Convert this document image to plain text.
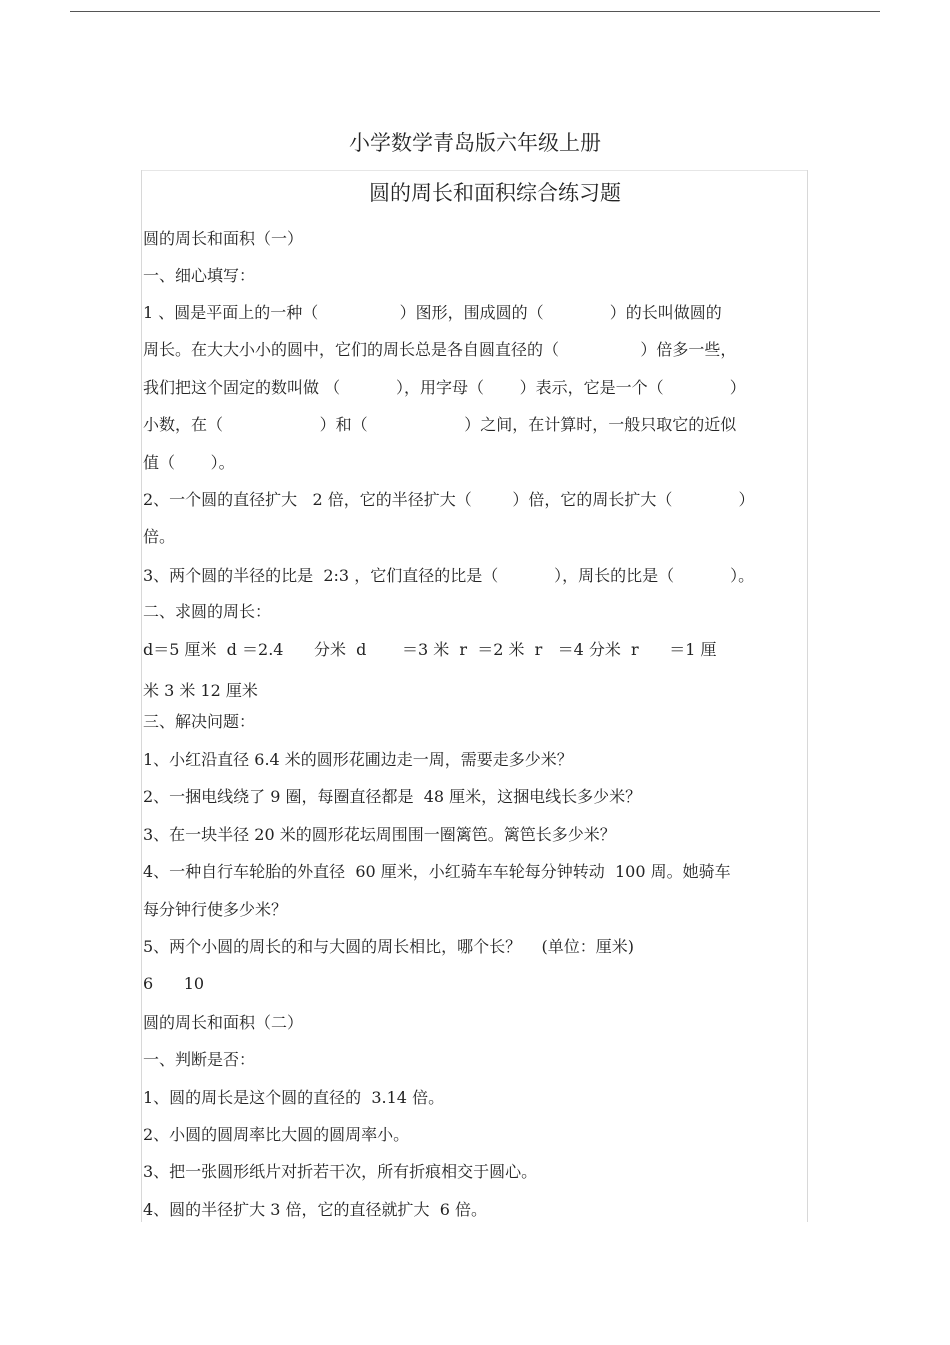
小学数学青岛版六年级上册
圆的周长和面积综合练习题
圆的周长和面积（一）
一、细心填写：
1 、圆是平面上的一种（                ）图形，围成圆的（             ）的长叫做圆的
周长。在大大小小的圆中，它们的周长总是各自圆直径的（                ）倍多一些，
我们把这个固定的数叫做 （           ），用字母（       ）表示，它是一个（             ）
小数，在（                   ）和（                   ）之间，在计算时，一般只取它的近似
值（       ）。
2、一个圆的直径扩大   2 倍，它的半径扩大（        ）倍，它的周长扩大（             ）
倍。
3、两个圆的半径的比是  2:3 ，它们直径的比是（           ），周长的比是（           ）。
二、求圆的周长：
d＝5 厘米  d ＝2.4      分米  d       ＝3 米  r  ＝2 米  r   ＝4 分米  r      ＝1 厘
米 3 米 12 厘米
三、解决问题：
1、小红沿直径 6.4 米的圆形花圃边走一周，需要走多少米？
2、一捆电线绕了 9 圈，每圈直径都是  48 厘米，这捆电线长多少米？
3、在一块半径 20 米的圆形花坛周围围一圈篱笆。篱笆长多少米？
4、一种自行车轮胎的外直径  60 厘米，小红骑车车轮每分钟转动  100 周。她骑车
每分钟行使多少米？
5、两个小圆的周长的和与大圆的周长相比，哪个长？    (单位：厘米)
6      10
圆的周长和面积（二）
一、判断是否：
1、圆的周长是这个圆的直径的  3.14 倍。
2、小圆的圆周率比大圆的圆周率小。
3、把一张圆形纸片对折若干次，所有折痕相交于圆心。
4、圆的半径扩大 3 倍，它的直径就扩大  6 倍。
